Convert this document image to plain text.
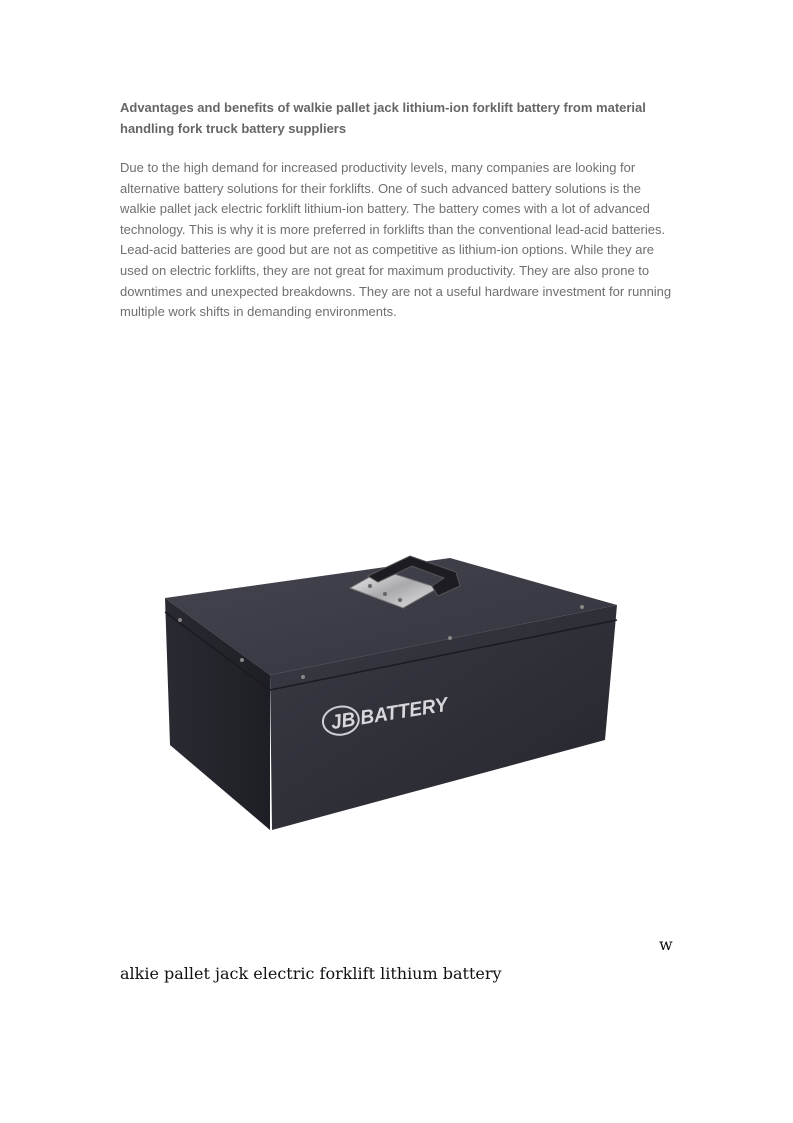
Advantages and benefits of walkie pallet jack lithium-ion forklift battery from material handling fork truck battery suppliers

Due to the high demand for increased productivity levels, many companies are looking for alternative battery solutions for their forklifts. One of such advanced battery solutions is the walkie pallet jack electric forklift lithium-ion battery. The battery comes with a lot of advanced technology. This is why it is more preferred in forklifts than the conventional lead-acid batteries. Lead-acid batteries are good but are not as competitive as lithium-ion options. While they are used on electric forklifts, they are not great for maximum productivity. They are also prone to downtimes and unexpected breakdowns. They are not a useful hardware investment for running multiple work shifts in demanding environments.

JB BATTERY
w
alkie pallet jack electric forklift lithium battery
